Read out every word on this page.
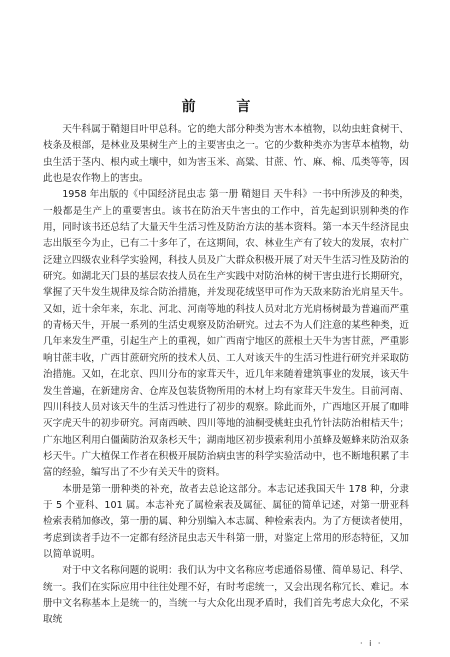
前 言

天牛科属于鞘翅目叶甲总科。它的绝大部分种类为害木本植物，以幼虫蛀食树干、枝条及根部，是林业及果树生产上的主要害虫之一。它的少数种类亦为害草本植物，幼虫生活于茎内、根内或土壤中，如为害玉米、高粱、甘蔗、竹、麻、棉、瓜类等等，因此也是农作物上的害虫。

1958 年出版的《中国经济昆虫志 第一册 鞘翅目 天牛科》一书中所涉及的种类，一般都是生产上的重要害虫。该书在防治天牛害虫的工作中，首先起到识别种类的作用，同时该书还总结了大量天牛生活习性及防治方法的基本资料。第一本天牛经济昆虫志出版至今为止，已有二十多年了，在这期间，农、林业生产有了较大的发展，农村广泛建立四级农业科学实验网，科技人员及广大群众积极开展了对天牛生活习性及防治的研究。如湖北天门县的基层农技人员在生产实践中对防治林的树干害虫进行长期研究，掌握了天牛发生规律及综合防治措施，并发现花绒坚甲可作为天敌来防治光肩星天牛。又如，近十余年来，东北、河北、河南等地的科技人员对北方光肩杨树最为普遍而严重的青杨天牛，开展一系列的生活史观察及防治研究。过去不为人们注意的某些种类，近几年来发生严重，引起生产上的重视，如广西南宁地区的蔗根土天牛为害甘蔗，严重影响甘蔗丰收，广西甘蔗研究所的技术人员、工人对该天牛的生活习性进行研究并采取防治措施。又如，在北京、四川分布的家茸天牛，近几年来随着建筑事业的发展，该天牛发生普遍，在新建房舍、仓库及包装货物所用的木材上均有家茸天牛发生。目前河南、四川科技人员对该天牛的生活习性进行了初步的观察。除此而外，广西地区开展了咖啡灭字虎天牛的初步研究。河南西峡、四川等地的油桐受桃蛀虫孔竹针法防治柑桔天牛；广东地区利用白僵菌防治双条杉天牛；湖南地区初步摸索利用小茧蜂及姬蜂来防治双条杉天牛。广大植保工作者在积极开展防治病虫害的科学实验活动中，也不断地积累了丰富的经验，编写出了不少有关天牛的资料。

本册是第一册种类的补充，故者去总论这部分。本志记述我国天牛 178 种，分隶于 5 个亚科、101 属。本志补充了属检索表及属征、属征的简单记述，对第一册亚科检索表稍加修改，第一册的属、种分别编入本志属、种检索表内。为了方便读者使用，考虑到读者手边不一定都有经济昆虫志天牛科第一册，对鉴定上常用的形态特征，又加以简单说明。

对于中文名称问题的说明：我们认为中文名称应考虑通俗易懂、简单易记、科学、统一。我们在实际应用中往往处理不好，有时考虑统一，又会出现名称冗长、难记。本册中文名称基本上是统一的，当统一与大众化出现矛盾时，我们首先考虑大众化，不采取统

· i ·
